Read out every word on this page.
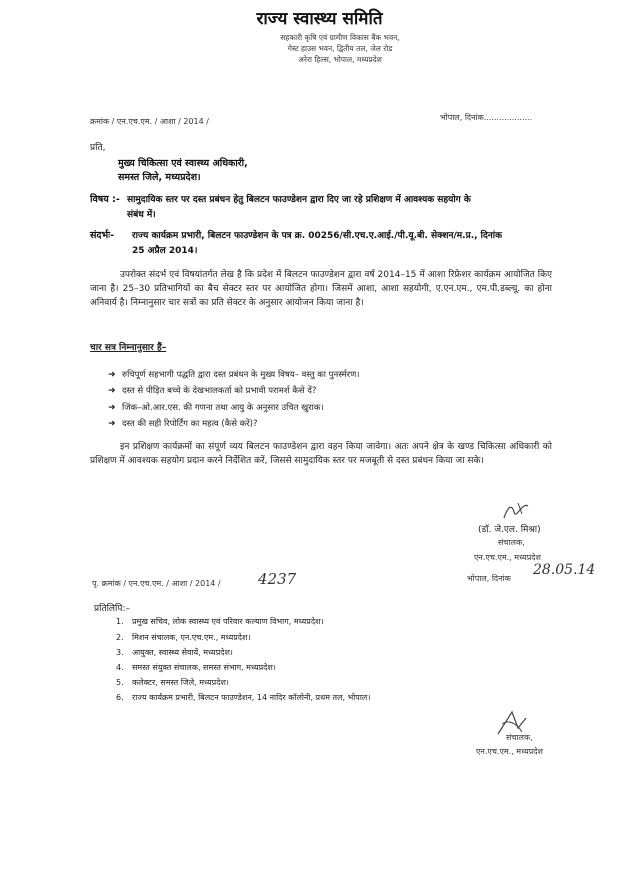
राज्य स्वास्थ्य समिति
सहकारी कृषि एवं ग्रामीण विकास बैंक भवन,
गेस्ट हाउस भवन, द्वितीय तल, जेल रोड
अरेरा हिल्स, भोपाल, मध्यप्रदेश
क्रमांक / एन.एच.एम. / आशा / 2014 /	भोपाल, दिनांक...................
प्रति,
मुख्य चिकित्सा एवं स्वास्थ्य अधिकारी,
समस्त जिले, मध्यप्रदेश।
विषय :- सामुदायिक स्तर पर दस्त प्रबंधन हेतु बिलटन फाउण्डेशन द्वारा दिए जा रहे प्रशिक्षण में आवश्यक सहयोग के
संबंध में।
संदर्भः- राज्य कार्यक्रम प्रभारी, बिलटन फाउण्डेशन के पत्र क्र. 00256/सी.एच.ए.आई./पी.यू.बी. सेक्शन/म.प्र., दिनांक
25 अप्रैल 2014।
उपरोक्त संदर्भ एवं विषयांतर्गत लेख है कि प्रदेश में बिलटन फाउण्डेशन द्वारा वर्ष 2014–15 में आशा रिफ्रेशर कार्यक्रम आयोजित किए जाना है। 25–30 प्रतिभागियों का बैच सेक्टर स्तर पर आयोजित होगा। जिसमें आशा, आशा सहयोगी, ए.एन.एम., एम.पी.डब्ल्यू. का होना अनिवार्य है। निम्नानुसार चार सत्रों का प्रति सेक्टर के अनुसार आयोजन किया जाना है।
चार सत्र निम्नानुसार हैं–
➜ रुचिपूर्ण सहभागी पद्धति द्वारा दस्त प्रबंधन के मुख्य विषय– वस्तु का पुनर्स्मरण।
➜ दस्त से पीड़ित बच्चे के देखभालकर्ता को प्रभावी परामर्श कैसे दें?
➜ जिंक–ओ.आर.एस. की गणना तथा आयु के अनुसार उचित खुराक।
➜ दस्त की सही रिपोर्टिंग का महत्व (कैसे करें)?
इन प्रशिक्षण कार्यक्रमों का संपूर्ण व्यय बिलटन फाउण्डेशन द्वारा वहन किया जावेगा। अतः अपने क्षेत्र के खण्ड चिकित्सा अधिकारी को प्रशिक्षण में आवश्यक सहयोग प्रदान करने निर्देशित करें, जिससे सामुदायिक स्तर पर मजबूती से दस्त प्रबंधन किया जा सके।
(डॉ. जे.एल. मिश्रा)
संचालक,
एन.एच.एम., मध्यप्रदेश
पृ. क्रमांक / एन.एच.एम. / आशा / 2014 / 4237	भोपाल, दिनांक
28.05.14
प्रतिलिपि:–
1. प्रमुख सचिव, लोक स्वास्थ्य एवं परिवार कल्याण विभाग, मध्यप्रदेश।
2. मिशन संचालक, एन.एच.एम., मध्यप्रदेश।
3. आयुक्त, स्वास्थ्य सेवायें, मध्यप्रदेश।
4. समस्त संयुक्त संचालक, समस्त संभाग, मध्यप्रदेश।
5. कलेक्टर, समस्त जिले, मध्यप्रदेश।
6. राज्य कार्यक्रम प्रभारी, बिलटन फाउण्डेशन, 14 नादिर कॉलोनी, प्रथम तल, भोपाल।
संचालक,
एन.एच.एम., मध्यप्रदेश
